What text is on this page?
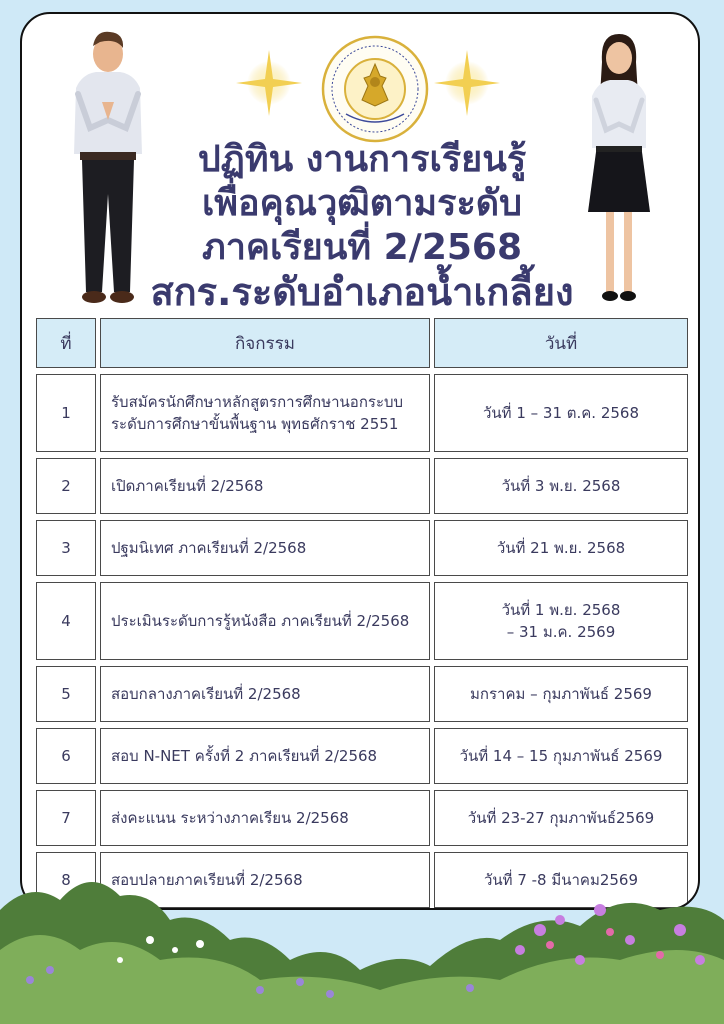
ปฏิทิน งานการเรียนรู้
เพื่อคุณวุฒิตามระดับ
ภาคเรียนที่ 2/2568
สกร.ระดับอำเภอน้ำเกลี้ยง
ที่	กิจกรรม	วันที่
1	รับสมัครนักศึกษาหลักสูตรการศึกษานอกระบบ
ระดับการศึกษาขั้นพื้นฐาน พุทธศักราช 2551	วันที่ 1 – 31 ต.ค. 2568

2	เปิดภาคเรียนที่ 2/2568	วันที่ 3 พ.ย. 2568

3	ปฐมนิเทศ ภาคเรียนที่ 2/2568	วันที่ 21 พ.ย. 2568

4	ประเมินระดับการรู้หนังสือ ภาคเรียนที่ 2/2568	วันที่ 1 พ.ย. 2568
– 31 ม.ค. 2569

5	สอบกลางภาคเรียนที่ 2/2568	มกราคม – กุมภาพันธ์ 2569

6	สอบ N-NET ครั้งที่ 2 ภาคเรียนที่ 2/2568	วันที่ 14 – 15 กุมภาพันธ์ 2569

7	ส่งคะแนน ระหว่างภาคเรียน 2/2568	วันที่ 23-27 กุมภาพันธ์2569

8	สอบปลายภาคเรียนที่ 2/2568	วันที่ 7 -8 มีนาคม2569
